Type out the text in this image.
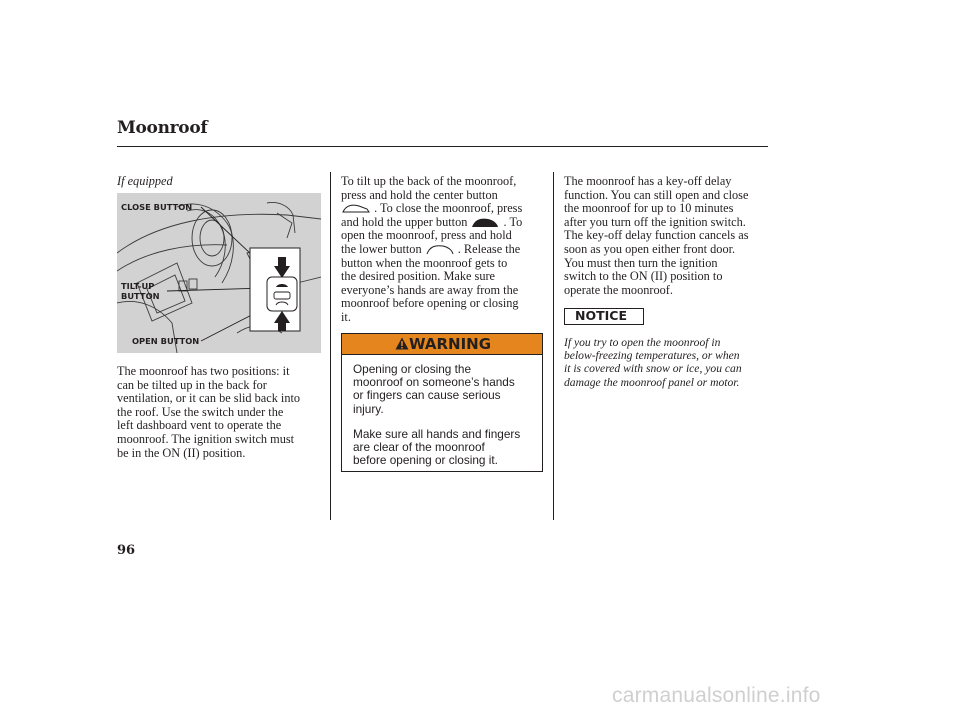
Moonroof
If equipped
CLOSE BUTTON
TILT-UP
BUTTON
OPEN BUTTON
The moonroof has two positions: it
can be tilted up in the back for
ventilation, or it can be slid back into
the roof. Use the switch under the
left dashboard vent to operate the
moonroof. The ignition switch must
be in the ON (II) position.
To tilt up the back of the moonroof,
press and hold the center button
. To close the moonroof, press
and hold the upper button	. To
open the moonroof, press and hold
the lower button	. Release the
button when the moonroof gets to
the desired position. Make sure
everyone’s hands are away from the
moonroof before opening or closing
it.
WARNING
Opening or closing the
moonroof on someone’s hands
or fingers can cause serious
injury.
Make sure all hands and fingers
are clear of the moonroof
before opening or closing it.
The moonroof has a key-off delay
function. You can still open and close
the moonroof for up to 10 minutes
after you turn off the ignition switch.
The key-off delay function cancels as
soon as you open either front door.
You must then turn the ignition
switch to the ON (II) position to
operate the moonroof.
NOTICE
If you try to open the moonroof in
below-freezing temperatures, or when
it is covered with snow or ice, you can
damage the moonroof panel or motor.
96
carmanualsonline.info
